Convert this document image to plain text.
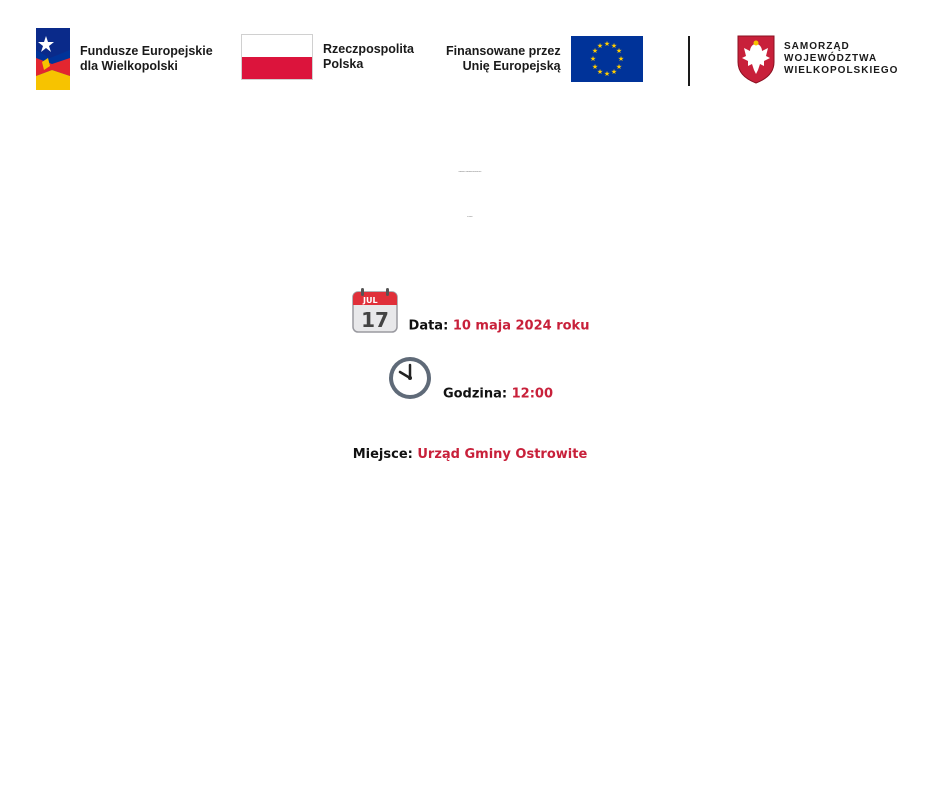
Fundusze Europejskie
dla Wielkopolski
Rzeczpospolita
Polska
Finansowane przez
Unię Europejską
★ ★
★
★
★
★
★
★
★
★
★
★	SAMORZĄD
WOJEWÓDZTWA
WIELKOPOLSKIEGO
Spotkanie z Powiatowym Urzędem Pracy
w Słupcy!
JUL
17 Data: 10 maja 2024 roku
Godzina: 12:00
Miejsce: Urząd Gminy Ostrowite
